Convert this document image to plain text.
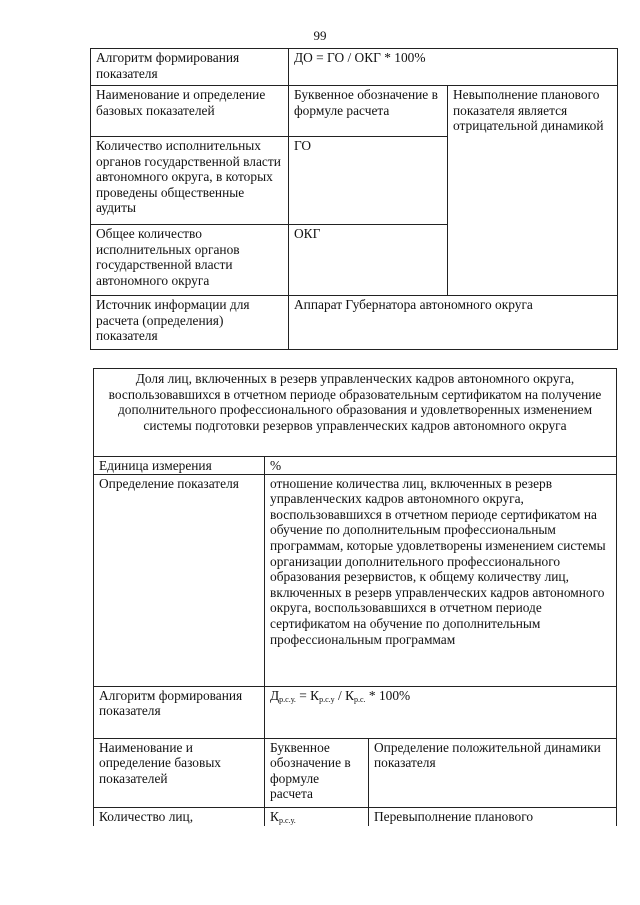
99
Алгоритм формирования показателя	ДО = ГО / ОКГ * 100%	
Наименование и определение базовых показателей	Буквенное обозначение в формуле расчета	Невыполнение планового показателя является отрицательной динамикой
Количество исполнительных органов государственной власти автономного округа, в которых проведены общественные аудиты	ГО	
Общее количество исполнительных органов государственной власти автономного округа	ОКГ	
Источник информации для расчета (определения) показателя	Аппарат Губернатора автономного округа	
Доля лиц, включенных в резерв управленческих кадров автономного округа, воспользовавшихся в отчетном периоде образовательным сертификатом на получение дополнительного профессионального образования и удовлетворенных изменением системы подготовки резервов управленческих кадров автономного округа		
Единица измерения	%	
Определение показателя	отношение количества лиц, включенных в резерв управленческих кадров автономного округа, воспользовавшихся в отчетном периоде сертификатом на обучение по дополнительным профессиональным программам, которые удовлетворены изменением системы организации дополнительного профессионального образования резервистов, к общему количеству лиц, включенных в резерв управленческих кадров автономного округа, воспользовавшихся в отчетном периоде сертификатом на обучение по дополнительным профессиональным программам	
Алгоритм формирования показателя	Др.с.у. = Кр.с.у / Кр.с. * 100%	
Наименование и определение базовых показателей	Буквенное обозначение в формуле расчета	Определение положительной динамики показателя
Количество лиц,	Кр.с.у.	Перевыполнение планового
